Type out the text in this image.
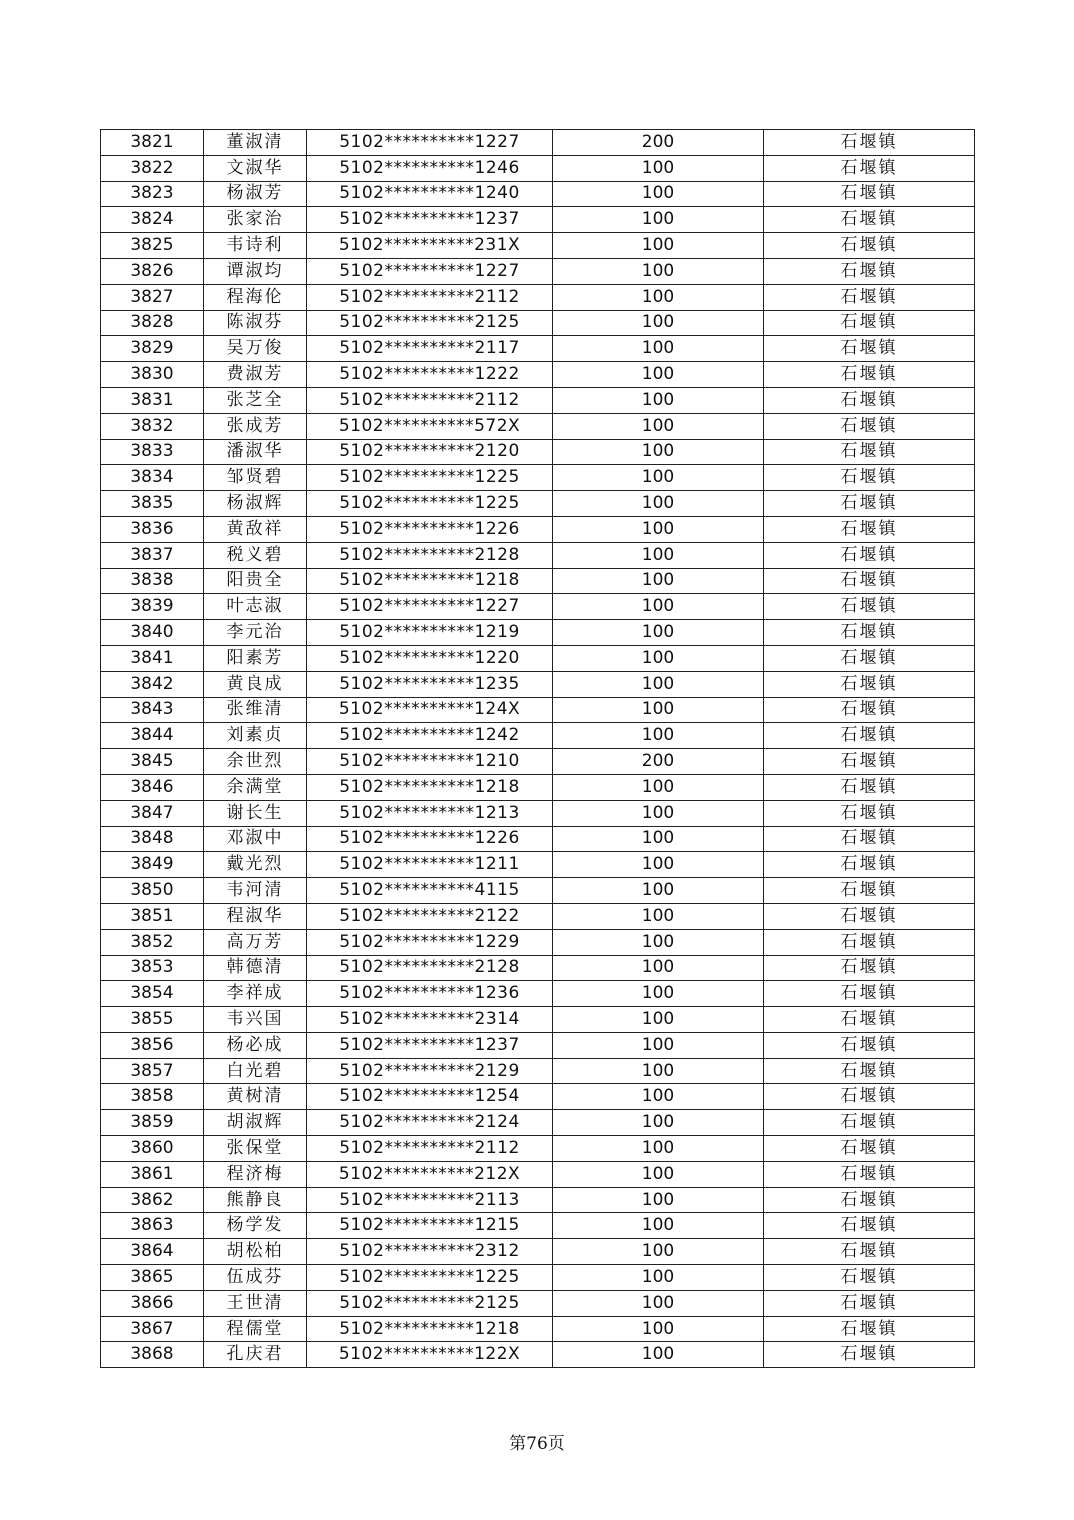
3821	董淑清	5102**********1227	200	石堰镇
3822	文淑华	5102**********1246	100	石堰镇
3823	杨淑芳	5102**********1240	100	石堰镇
3824	张家治	5102**********1237	100	石堰镇
3825	韦诗利	5102**********231X	100	石堰镇
3826	谭淑均	5102**********1227	100	石堰镇
3827	程海伦	5102**********2112	100	石堰镇
3828	陈淑芬	5102**********2125	100	石堰镇
3829	吴万俊	5102**********2117	100	石堰镇
3830	费淑芳	5102**********1222	100	石堰镇
3831	张芝全	5102**********2112	100	石堰镇
3832	张成芳	5102**********572X	100	石堰镇
3833	潘淑华	5102**********2120	100	石堰镇
3834	邹贤碧	5102**********1225	100	石堰镇
3835	杨淑辉	5102**********1225	100	石堰镇
3836	黄敌祥	5102**********1226	100	石堰镇
3837	税义碧	5102**********2128	100	石堰镇
3838	阳贵全	5102**********1218	100	石堰镇
3839	叶志淑	5102**********1227	100	石堰镇
3840	李元治	5102**********1219	100	石堰镇
3841	阳素芳	5102**********1220	100	石堰镇
3842	黄良成	5102**********1235	100	石堰镇
3843	张维清	5102**********124X	100	石堰镇
3844	刘素贞	5102**********1242	100	石堰镇
3845	余世烈	5102**********1210	200	石堰镇
3846	余满堂	5102**********1218	100	石堰镇
3847	谢长生	5102**********1213	100	石堰镇
3848	邓淑中	5102**********1226	100	石堰镇
3849	戴光烈	5102**********1211	100	石堰镇
3850	韦河清	5102**********4115	100	石堰镇
3851	程淑华	5102**********2122	100	石堰镇
3852	高万芳	5102**********1229	100	石堰镇
3853	韩德清	5102**********2128	100	石堰镇
3854	李祥成	5102**********1236	100	石堰镇
3855	韦兴国	5102**********2314	100	石堰镇
3856	杨必成	5102**********1237	100	石堰镇
3857	白光碧	5102**********2129	100	石堰镇
3858	黄树清	5102**********1254	100	石堰镇
3859	胡淑辉	5102**********2124	100	石堰镇
3860	张保堂	5102**********2112	100	石堰镇
3861	程济梅	5102**********212X	100	石堰镇
3862	熊静良	5102**********2113	100	石堰镇
3863	杨学发	5102**********1215	100	石堰镇
3864	胡松柏	5102**********2312	100	石堰镇
3865	伍成芬	5102**********1225	100	石堰镇
3866	王世清	5102**********2125	100	石堰镇
3867	程儒堂	5102**********1218	100	石堰镇
3868	孔庆君	5102**********122X	100	石堰镇
第76页
